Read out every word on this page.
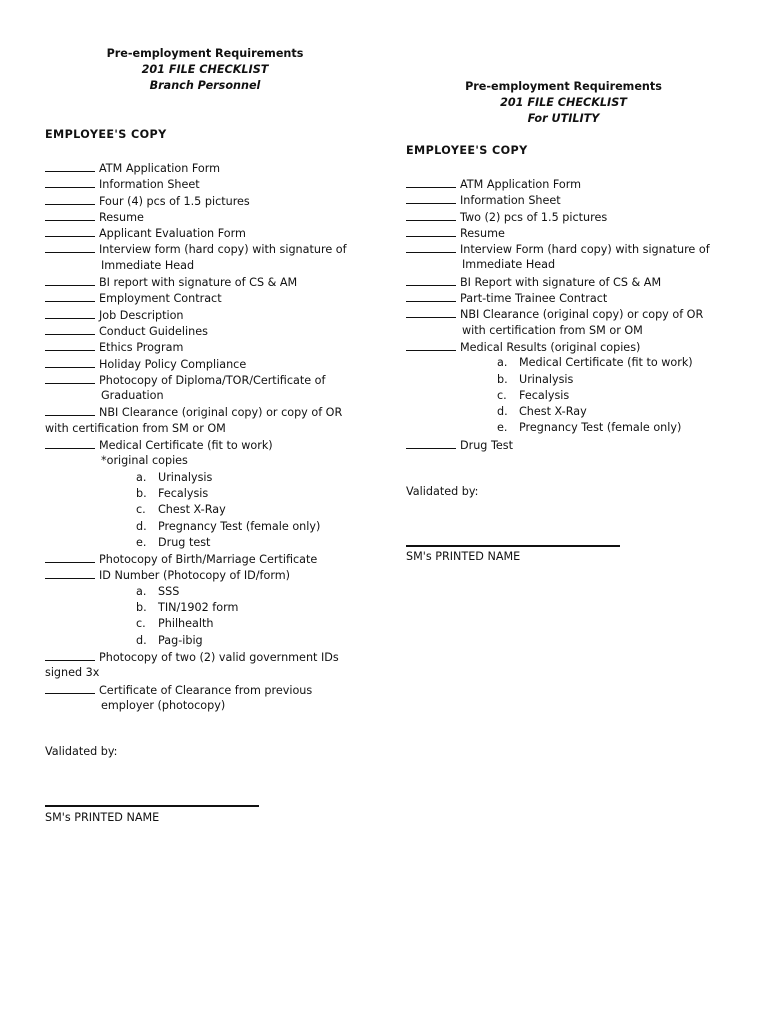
Pre-employment Requirements
201 FILE CHECKLIST
Branch Personnel
EMPLOYEE'S COPY
ATM Application Form
Information Sheet
Four (4) pcs of 1.5 pictures
Resume
Applicant Evaluation Form
Interview form (hard copy) with signature of
Immediate Head
BI report with signature of CS & AM
Employment Contract
Job Description
Conduct Guidelines
Ethics Program
Holiday Policy Compliance
Photocopy of Diploma/TOR/Certificate of
Graduation
NBI Clearance (original copy) or copy of OR
with certification from SM or OM
Medical Certificate (fit to work)
*original copies
a. Urinalysis
b. Fecalysis
c. Chest X-Ray
d. Pregnancy Test (female only)
e. Drug test
Photocopy of Birth/Marriage Certificate
ID Number (Photocopy of ID/form)
a. SSS
b. TIN/1902 form
c. Philhealth
d. Pag-ibig
Photocopy of two (2) valid government IDs
signed 3x
Certificate of Clearance from previous
employer (photocopy)
Validated by:
SM's PRINTED NAME
Pre-employment Requirements
201 FILE CHECKLIST
For UTILITY
EMPLOYEE'S COPY
ATM Application Form
Information Sheet
Two (2) pcs of 1.5 pictures
Resume
Interview Form (hard copy) with signature of
Immediate Head
BI Report with signature of CS & AM
Part-time Trainee Contract
NBI Clearance (original copy) or copy of OR
with certification from SM or OM
Medical Results (original copies)
a. Medical Certificate (fit to work)
b. Urinalysis
c. Fecalysis
d. Chest X-Ray
e. Pregnancy Test (female only)
Drug Test
Validated by:
SM's PRINTED NAME
